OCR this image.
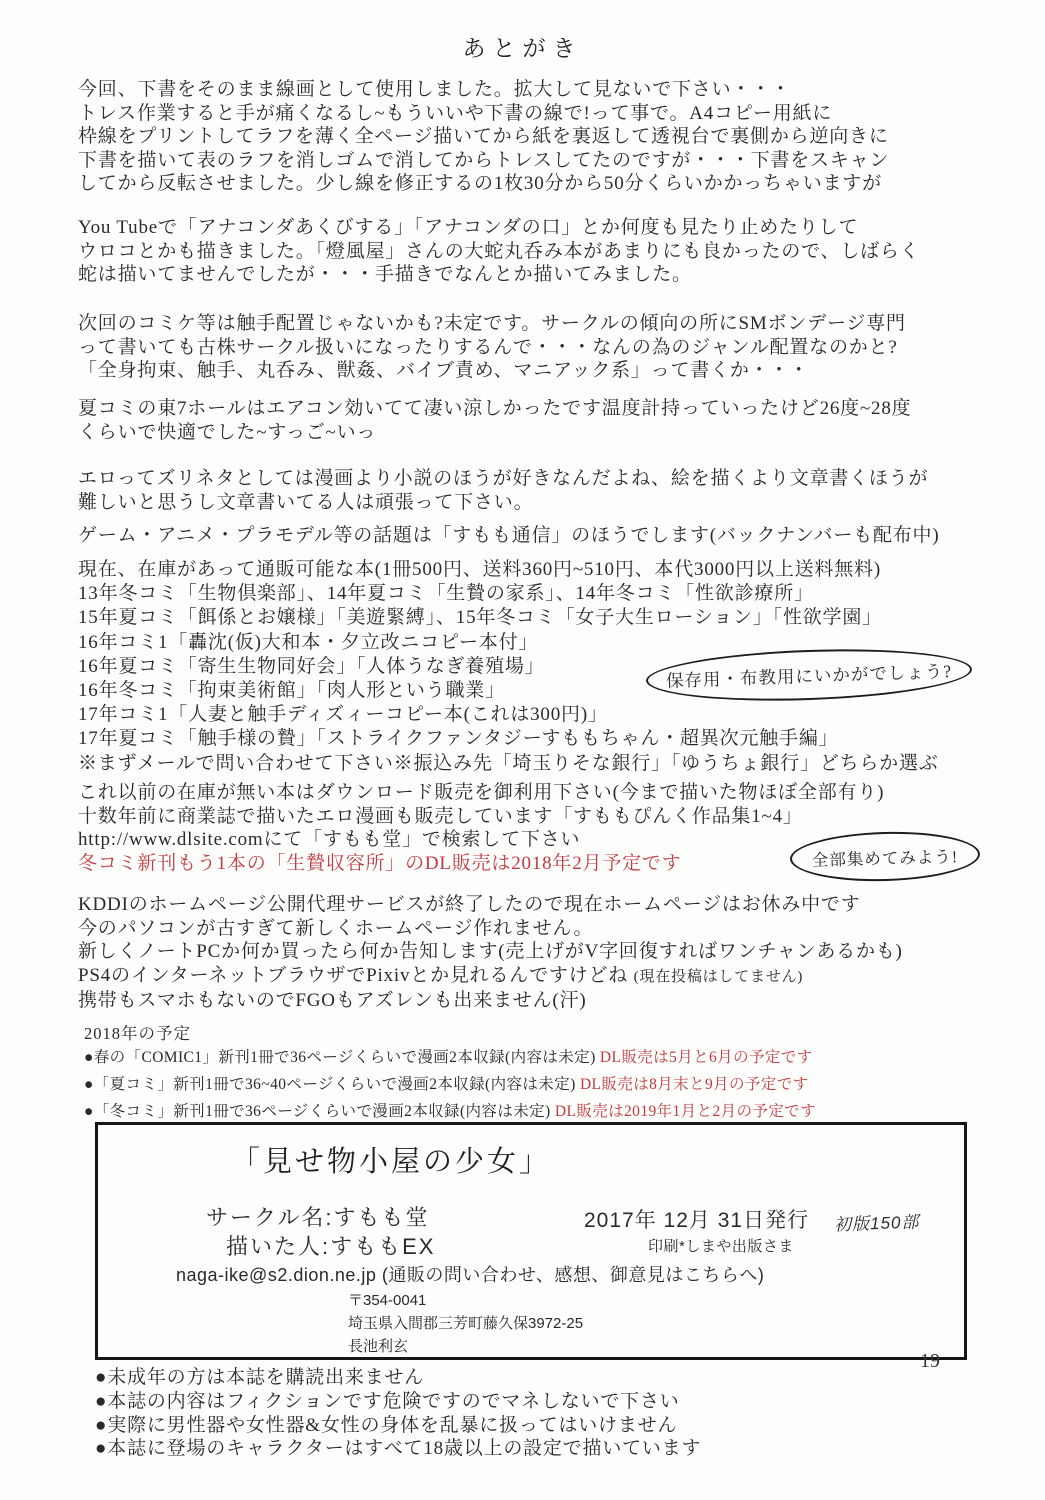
あとがき
今回、下書をそのまま線画として使用しました。拡大して見ないで下さい・・・
トレス作業すると手が痛くなるし~もういいや下書の線で!って事で。A4コピー用紙に
枠線をプリントしてラフを薄く全ページ描いてから紙を裏返して透視台で裏側から逆向きに
下書を描いて表のラフを消しゴムで消してからトレスしてたのですが・・・下書をスキャン
してから反転させました。少し線を修正するの1枚30分から50分くらいかかっちゃいますが
You Tubeで「アナコンダあくびする」「アナコンダの口」とか何度も見たり止めたりして
ウロコとかも描きました。「燈風屋」さんの大蛇丸呑み本があまりにも良かったので、しばらく
蛇は描いてませんでしたが・・・手描きでなんとか描いてみました。
次回のコミケ等は触手配置じゃないかも?未定です。サークルの傾向の所にSMボンデージ専門
って書いても古株サークル扱いになったりするんで・・・なんの為のジャンル配置なのかと?
「全身拘束、触手、丸呑み、獣姦、バイブ責め、マニアック系」って書くか・・・
夏コミの東7ホールはエアコン効いてて凄い涼しかったです温度計持っていったけど26度~28度
くらいで快適でした~すっご~いっ
エロってズリネタとしては漫画より小説のほうが好きなんだよね、絵を描くより文章書くほうが
難しいと思うし文章書いてる人は頑張って下さい。
ゲーム・アニメ・プラモデル等の話題は「すもも通信」のほうでします(バックナンバーも配布中)
現在、在庫があって通販可能な本(1冊500円、送料360円~510円、本代3000円以上送料無料)
13年冬コミ「生物倶楽部」、14年夏コミ「生贄の家系」、14年冬コミ「性欲診療所」
15年夏コミ「餌係とお嬢様」「美遊緊縛」、15年冬コミ「女子大生ローション」「性欲学園」
16年コミ1「轟沈(仮)大和本・夕立改ニコピー本付」
16年夏コミ「寄生生物同好会」「人体うなぎ養殖場」
16年冬コミ「拘束美術館」「肉人形という職業」
17年コミ1「人妻と触手ディズィーコピー本(これは300円)」
17年夏コミ「触手様の贄」「ストライクファンタジーすももちゃん・超異次元触手編」
※まずメールで問い合わせて下さい※振込み先「埼玉りそな銀行」「ゆうちょ銀行」どちらか選ぶ
保存用・布教用にいかがでしょう?
これ以前の在庫が無い本はダウンロード販売を御利用下さい(今まで描いた物ほぼ全部有り)
十数年前に商業誌で描いたエロ漫画も販売しています「すももぴんく作品集1~4」
http://www.dlsite.comにて「すもも堂」で検索して下さい
冬コミ新刊もう1本の「生贄収容所」のDL販売は2018年2月予定です	全部集めてみよう!
KDDIのホームページ公開代理サービスが終了したので現在ホームページはお休み中です
今のパソコンが古すぎて新しくホームページ作れません。
新しくノートPCか何か買ったら何か告知します(売上げがV字回復すればワンチャンあるかも)
PS4のインターネットブラウザでPixivとか見れるんですけどね (現在投稿はしてません)
携帯もスマホもないのでFGOもアズレンも出来ません(汗)
2018年の予定
●春の「COMIC1」新刊1冊で36ページくらいで漫画2本収録(内容は未定) DL販売は5月と6月の予定です
●「夏コミ」新刊1冊で36~40ページくらいで漫画2本収録(内容は未定) DL販売は8月末と9月の予定です
●「冬コミ」新刊1冊で36ページくらいで漫画2本収録(内容は未定) DL販売は2019年1月と2月の予定です
「見せ物小屋の少女」
サークル名:すもも堂
描いた人:すももEX
2017年 12月 31日発行
印刷*しまや出版さま
初版150部
naga-ike@s2.dion.ne.jp (通販の問い合わせ、感想、御意見はこちらへ)
〒354-0041
埼玉県入間郡三芳町藤久保3972-25
長池利玄
19
●未成年の方は本誌を購読出来ません
●本誌の内容はフィクションです危険ですのでマネしないで下さい
●実際に男性器や女性器&女性の身体を乱暴に扱ってはいけません
●本誌に登場のキャラクターはすべて18歳以上の設定で描いています
